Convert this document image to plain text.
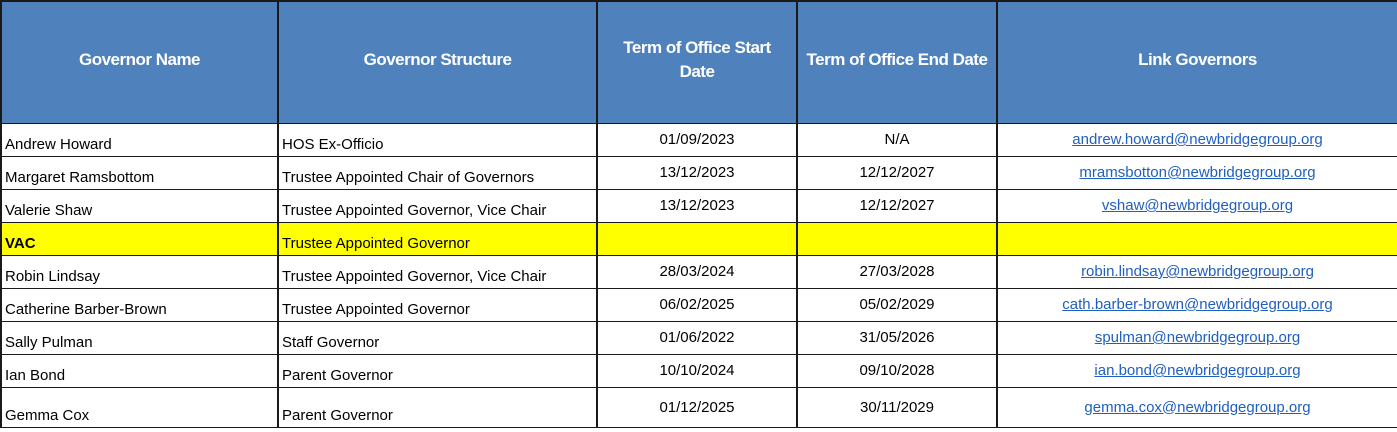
Governor Name	Governor Structure	Term of Office Start Date	Term of Office End Date	Link Governors
Andrew Howard	HOS Ex-Officio	01/09/2023	N/A	andrew.howard@newbridgegroup.org
Margaret Ramsbottom	Trustee Appointed Chair of Governors	13/12/2023	12/12/2027	mramsbotton@newbridgegroup.org
Valerie Shaw	Trustee Appointed Governor, Vice Chair	13/12/2023	12/12/2027	vshaw@newbridgegroup.org
VAC	Trustee Appointed Governor			
Robin Lindsay	Trustee Appointed Governor, Vice Chair	28/03/2024	27/03/2028	robin.lindsay@newbridgegroup.org
Catherine Barber-Brown	Trustee Appointed Governor	06/02/2025	05/02/2029	cath.barber-brown@newbridgegroup.org
Sally Pulman	Staff Governor	01/06/2022	31/05/2026	spulman@newbridgegroup.org
Ian Bond	Parent Governor	10/10/2024	09/10/2028	ian.bond@newbridgegroup.org
Gemma Cox	Parent Governor	01/12/2025	30/11/2029	gemma.cox@newbridgegroup.org
